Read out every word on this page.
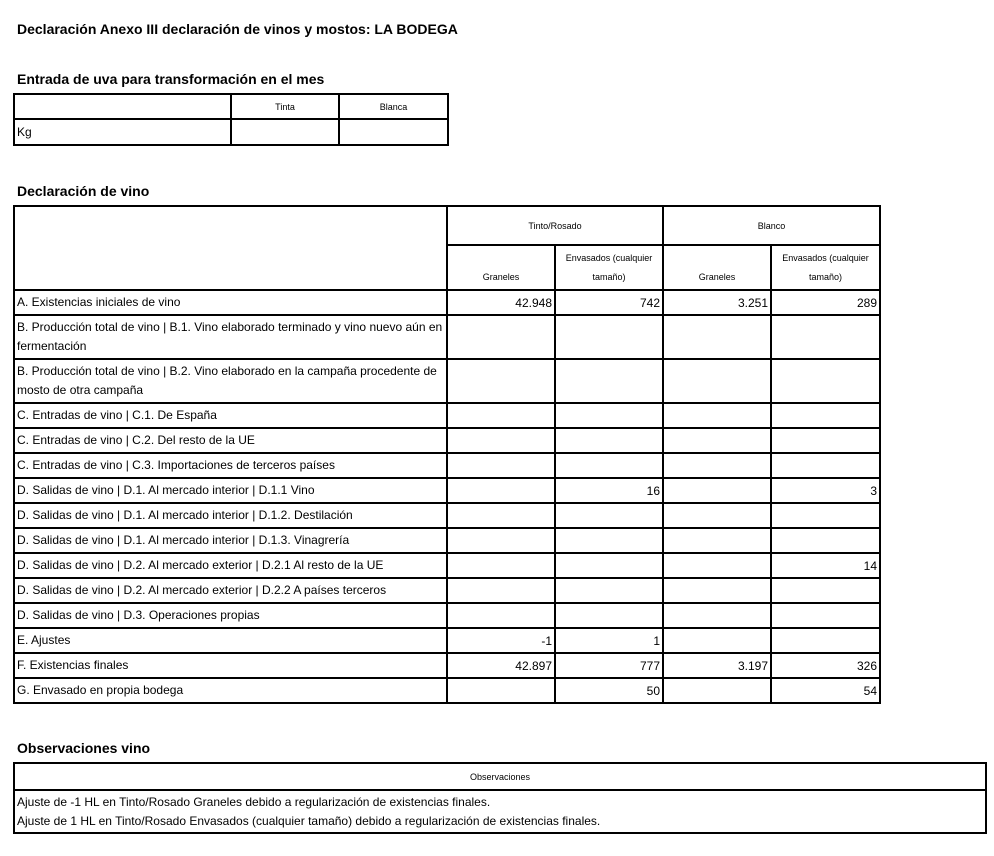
Declaración Anexo III declaración de vinos y mostos: LA BODEGA
Entrada de uva para transformación en el mes
	Tinta	Blanca
Kg		
Declaración de vino
	Tinto/Rosado		Blanco	
	Graneles	Envasados (cualquier tamaño)	Graneles	Envasados (cualquier tamaño)
A. Existencias iniciales de vino	42.948	742	3.251	289
B. Producción total de vino | B.1. Vino elaborado terminado y vino nuevo aún en fermentación				
B. Producción total de vino | B.2. Vino elaborado en la campaña procedente de mosto de otra campaña				
C. Entradas de vino | C.1. De España				
C. Entradas de vino | C.2. Del resto de la UE				
C. Entradas de vino | C.3. Importaciones de terceros países				
D. Salidas de vino | D.1. Al mercado interior | D.1.1 Vino		16		3
D. Salidas de vino | D.1. Al mercado interior | D.1.2. Destilación				
D. Salidas de vino | D.1. Al mercado interior | D.1.3. Vinagrería				
D. Salidas de vino | D.2. Al mercado exterior | D.2.1 Al resto de la UE				14
D. Salidas de vino | D.2. Al mercado exterior | D.2.2 A países terceros				
D. Salidas de vino | D.3. Operaciones propias				
E. Ajustes	-1	1		
F. Existencias finales	42.897	777	3.197	326
G. Envasado en propia bodega		50		54
Observaciones vino
Observaciones

Ajuste de -1 HL en Tinto/Rosado Graneles debido a regularización de existencias finales.
Ajuste de 1 HL en Tinto/Rosado Envasados (cualquier tamaño) debido a regularización de existencias finales.
